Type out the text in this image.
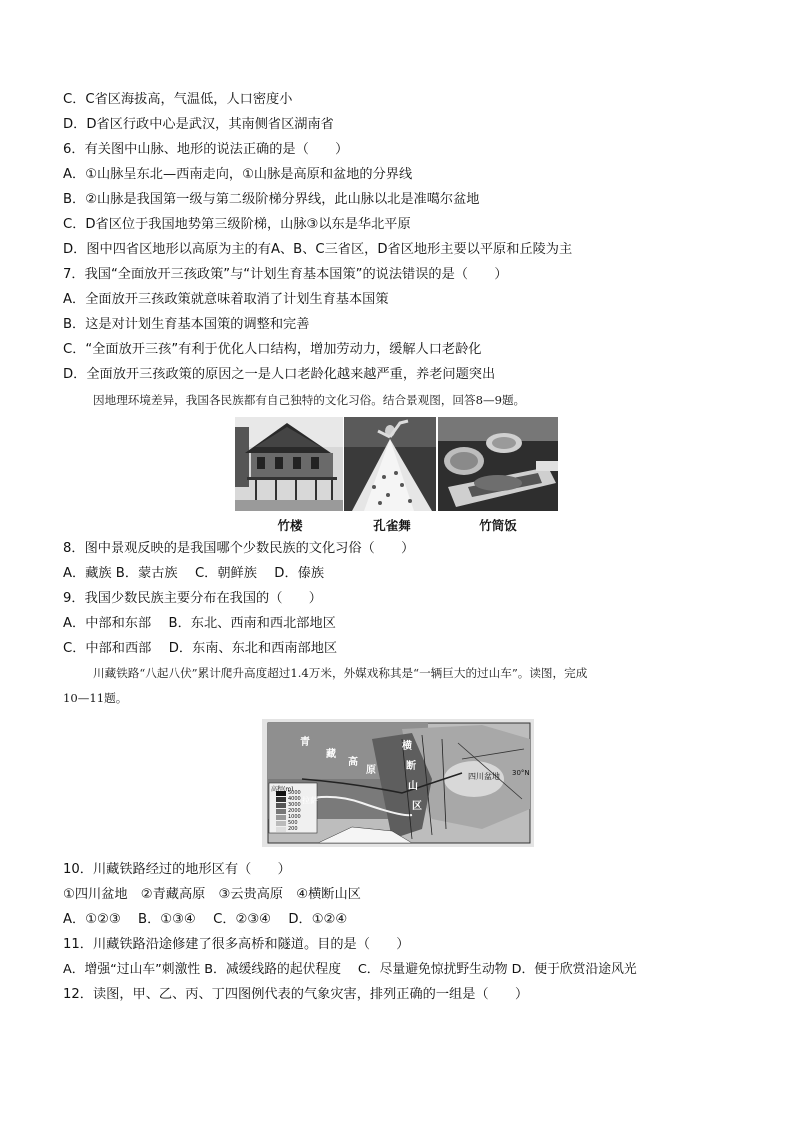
C．C省区海拔高，气温低，人口密度小
D．D省区行政中心是武汉，其南侧省区湖南省
6．有关图中山脉、地形的说法正确的是（　　）
A．①山脉呈东北—西南走向，①山脉是高原和盆地的分界线
B．②山脉是我国第一级与第二级阶梯分界线，此山脉以北是准噶尔盆地
C．D省区位于我国地势第三级阶梯，山脉③以东是华北平原
D．图中四省区地形以高原为主的有A、B、C三省区，D省区地形主要以平原和丘陵为主
7．我国“全面放开三孩政策”与“计划生育基本国策”的说法错误的是（　　）
A．全面放开三孩政策就意味着取消了计划生育基本国策
B．这是对计划生育基本国策的调整和完善
C．“全面放开三孩”有利于优化人口结构，增加劳动力，缓解人口老龄化
D．全面放开三孩政策的原因之一是人口老龄化越来越严重，养老问题突出
因地理环境差异，我国各民族都有自己独特的文化习俗。结合景观图，回答8—9题。
竹楼	孔雀舞	竹筒饭
8．图中景观反映的是我国哪个少数民族的文化习俗（　　）
A．藏族 B．蒙古族　 C．朝鲜族　 D．傣族
9．我国少数民族主要分布在我国的（　　）
A．中部和东部　 B．东北、西南和西北部地区
C．中部和西部　 D．东南、东北和西南部地区
川藏铁路“八起八伏”累计爬升高度超过1.4万米，外媒戏称其是“一辆巨大的过山车”。读图，完成
10—11题。
青
藏
高
原
横
断
山
区
四川盆地
拉萨
30°N
高程(m)
5000
4000
3000
2000
1000
500
200
10．川藏铁路经过的地形区有（　　）
①四川盆地　②青藏高原　③云贵高原　④横断山区
A．①②③　 B．①③④　 C．②③④　 D．①②④
11．川藏铁路沿途修建了很多高桥和隧道。目的是（　　）
A．增强“过山车”刺激性 B．减缓线路的起伏程度　 C．尽量避免惊扰野生动物 D．便于欣赏沿途风光
12．读图，甲、乙、丙、丁四图例代表的气象灾害，排列正确的一组是（　　）
